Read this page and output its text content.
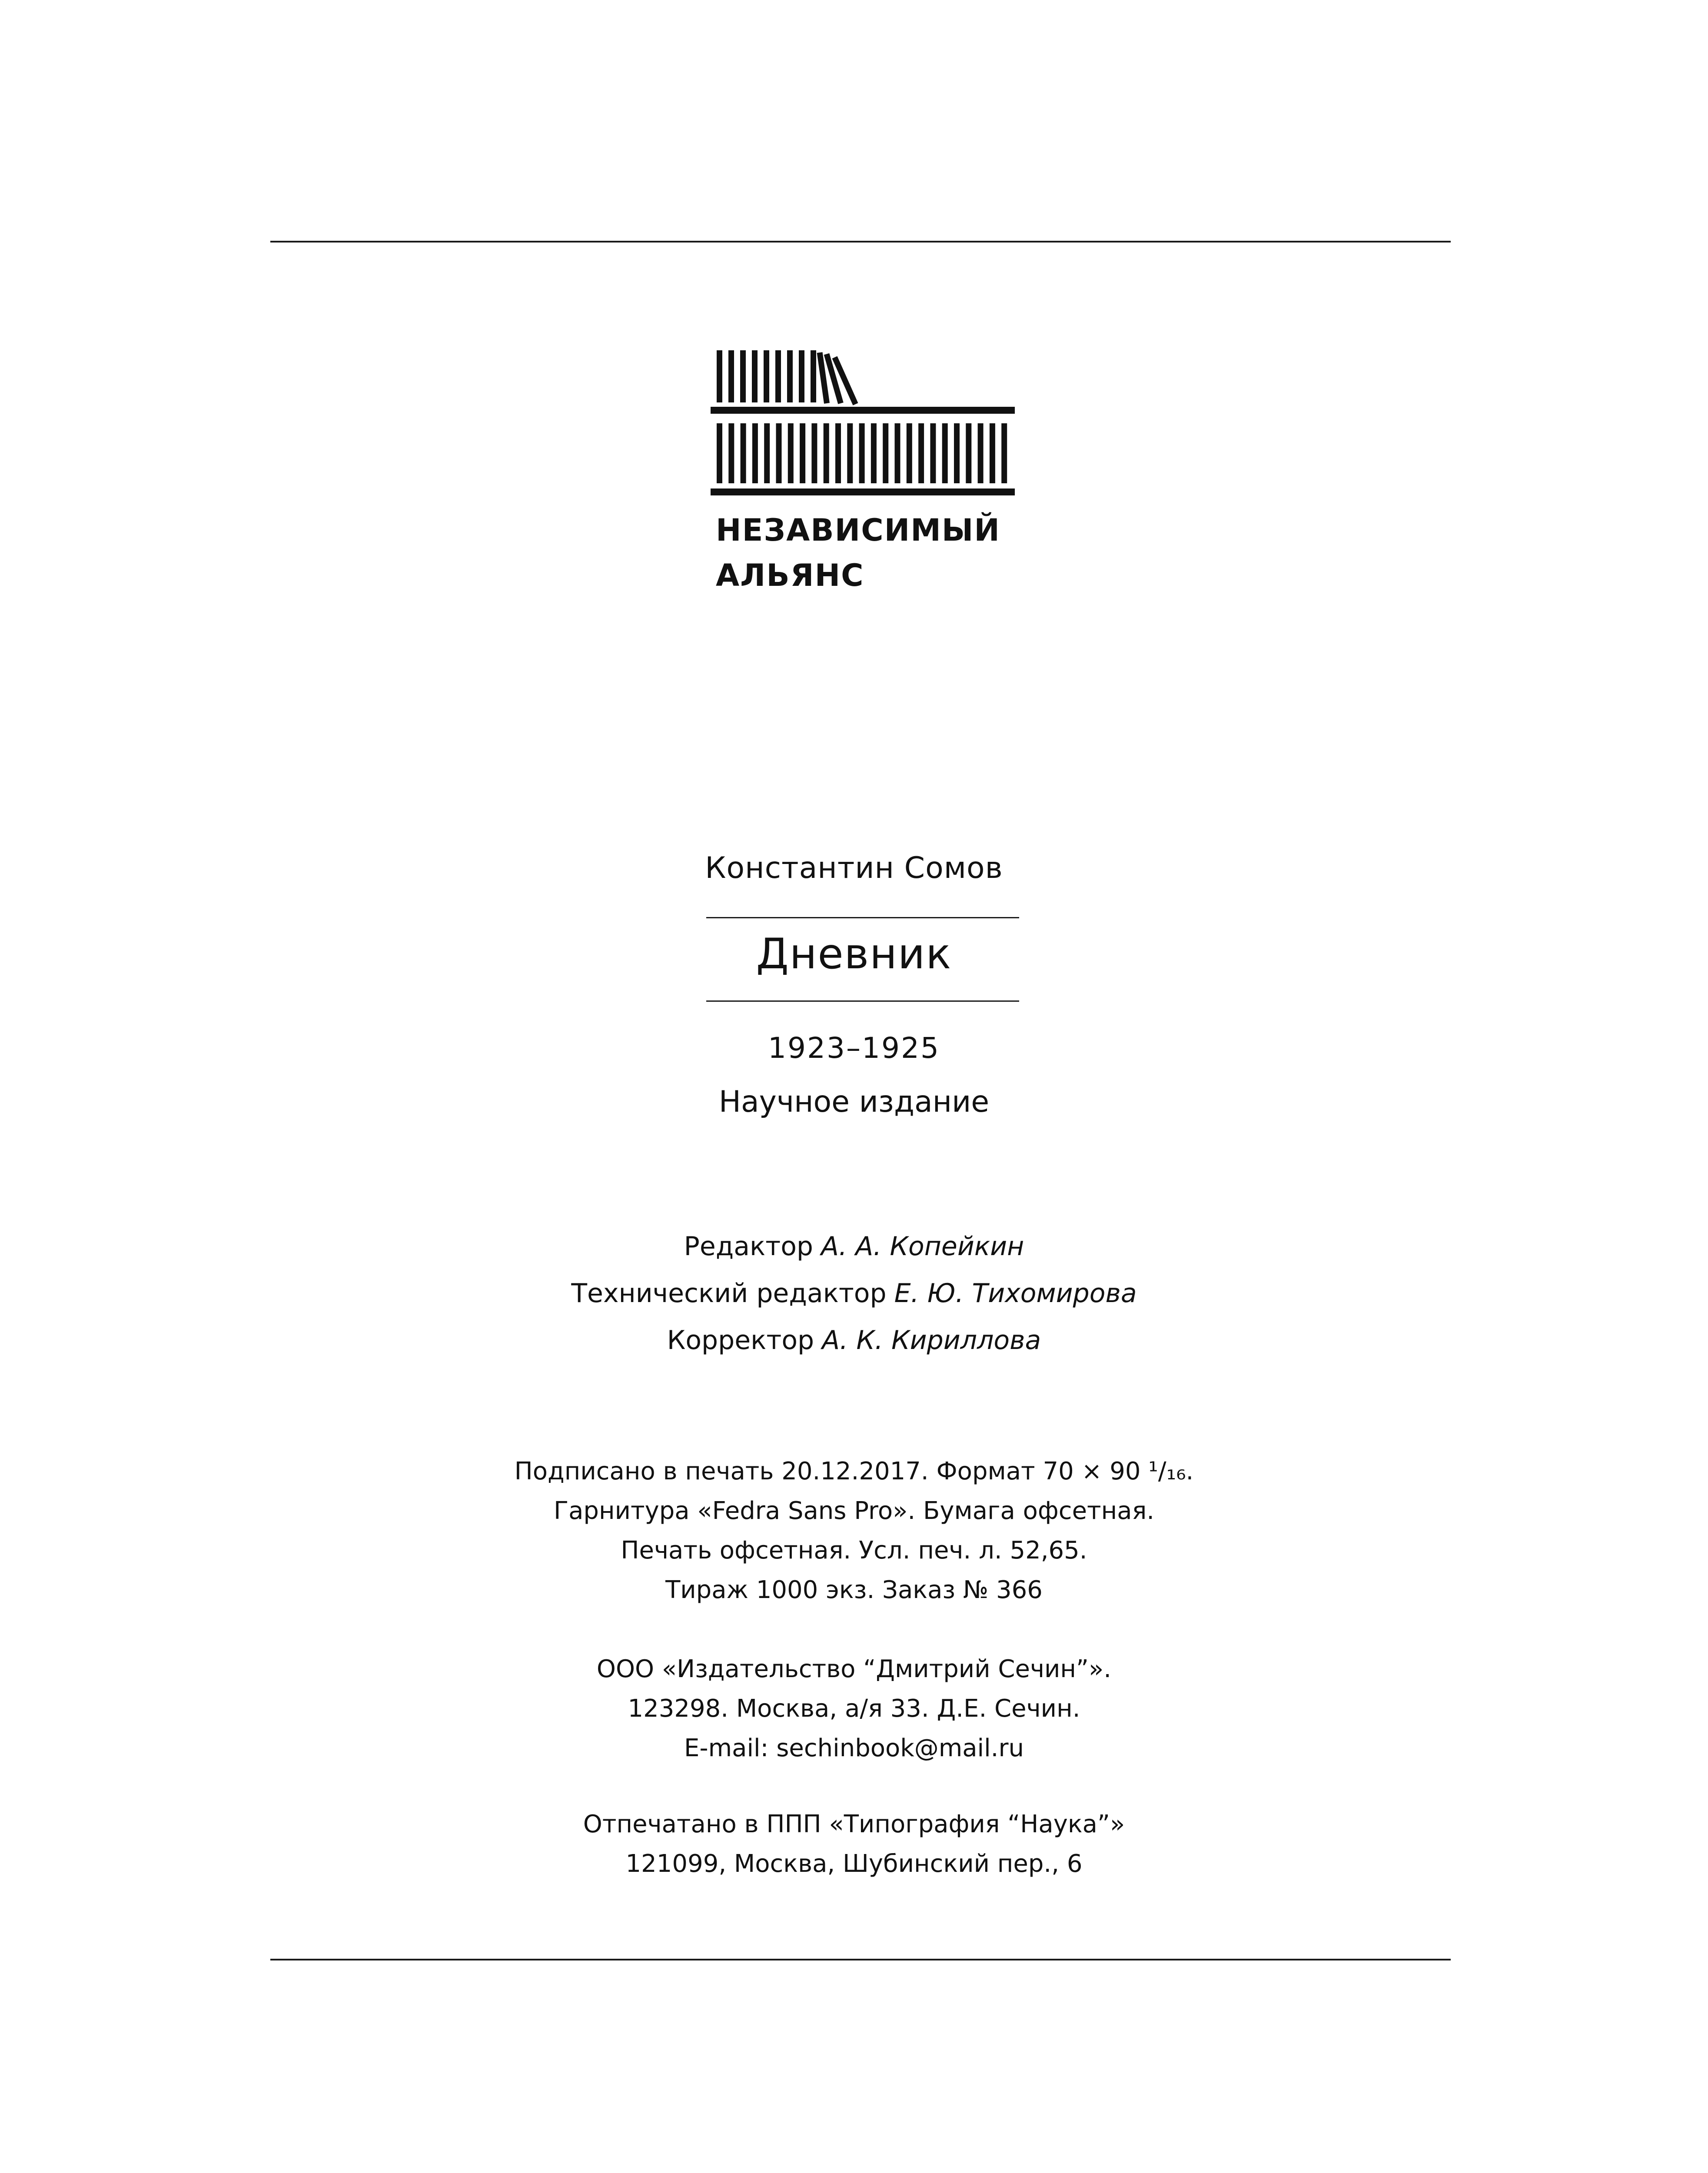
НЕЗАВИСИМЫЙ
АЛЬЯНС

Константин Сомов

Дневник

1923–1925

Научное издание

Редактор А. А. Копейкин

Технический редактор Е. Ю. Тихомирова

Корректор А. К. Кириллова

Подписано в печать 20.12.2017. Формат 70 × 90 ¹/₁₆.

Гарнитура «Fedra Sans Pro». Бумага офсетная.

Печать офсетная. Усл. печ. л. 52,65.

Тираж 1000 экз. Заказ № 366

ООО «Издательство “Дмитрий Сечин”».

123298. Москва, а/я 33. Д.Е. Сечин.

E-mail: sechinbook@mail.ru

Отпечатано в ППП «Типография “Наука”»

121099, Москва, Шубинский пер., 6
